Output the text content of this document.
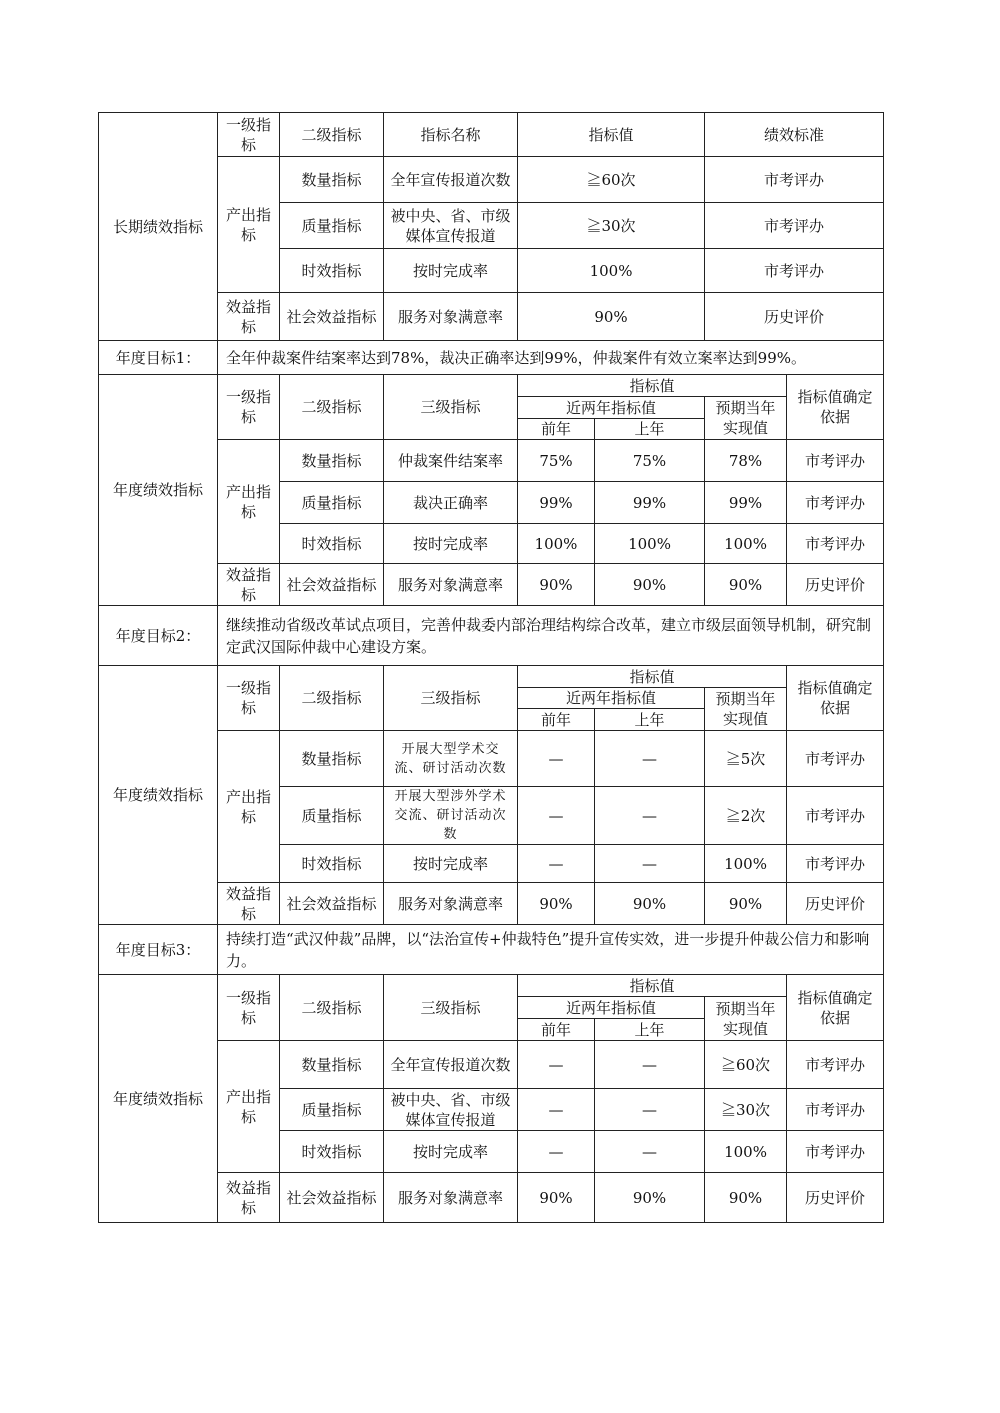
长期绩效指标	一级指标	二级指标	指标名称	指标值		绩效标准	
	产出指标	数量指标	全年宣传报道次数	≧60次		市考评办	
		质量指标	被中央、省、市级媒体宣传报道	≧30次		市考评办	
		时效指标	按时完成率	100%		市考评办	
	效益指标	社会效益指标	服务对象满意率	90%		历史评价	
年度目标1：	全年仲裁案件结案率达到78%，裁决正确率达到99%，仲裁案件有效立案率达到99%。						
年度绩效指标	一级指标	二级指标	三级指标	指标值			指标值确定依据
				近两年指标值		预期当年实现值	
				前年	上年		
	产出指标	数量指标	仲裁案件结案率	75%	75%	78%	市考评办
		质量指标	裁决正确率	99%	99%	99%	市考评办
		时效指标	按时完成率	100%	100%	100%	市考评办
	效益指标	社会效益指标	服务对象满意率	90%	90%	90%	历史评价
年度目标2：	继续推动省级改革试点项目，完善仲裁委内部治理结构综合改革，建立市级层面领导机制，研究制定武汉国际仲裁中心建设方案。						
年度绩效指标	一级指标	二级指标	三级指标	指标值			指标值确定依据
				近两年指标值		预期当年实现值	
				前年	上年		
	产出指标	数量指标	开展大型学术交流、研讨活动次数	—	—	≧5次	市考评办
		质量指标	开展大型涉外学术交流、研讨活动次数	—	—	≧2次	市考评办
		时效指标	按时完成率	—	—	100%	市考评办
	效益指标	社会效益指标	服务对象满意率	90%	90%	90%	历史评价
年度目标3：	持续打造“武汉仲裁”品牌，以“法治宣传+仲裁特色”提升宣传实效，进一步提升仲裁公信力和影响力。						
年度绩效指标	一级指标	二级指标	三级指标	指标值			指标值确定依据
				近两年指标值		预期当年实现值	
				前年	上年		
	产出指标	数量指标	全年宣传报道次数	—	—	≧60次	市考评办
		质量指标	被中央、省、市级媒体宣传报道	—	—	≧30次	市考评办
		时效指标	按时完成率	—	—	100%	市考评办
	效益指标	社会效益指标	服务对象满意率	90%	90%	90%	历史评价
